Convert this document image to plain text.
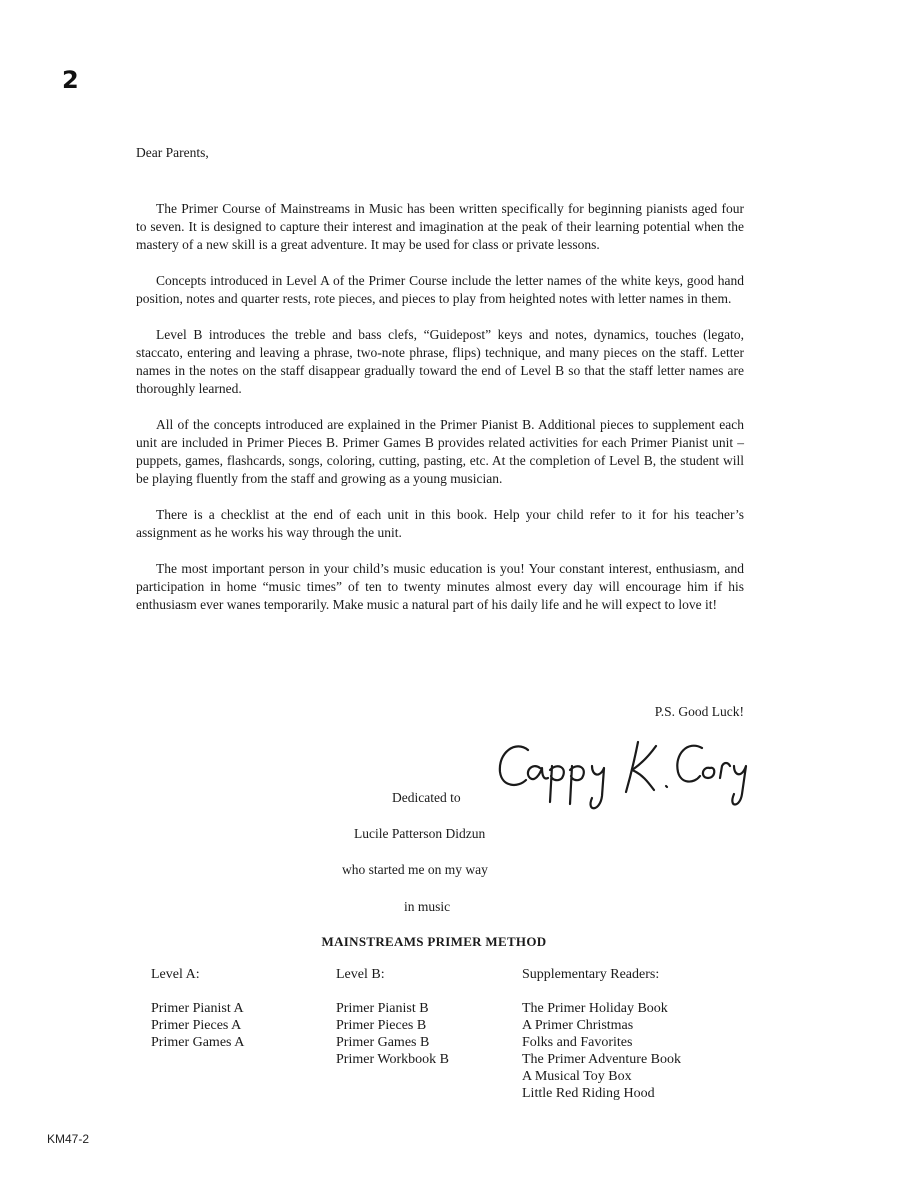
2

Dear Parents,

The Primer Course of Mainstreams in Music has been written specifically for beginning pianists aged four to seven. It is designed to capture their interest and imagination at the peak of their learning potential when the mastery of a new skill is a great adventure. It may be used for class or private lessons.

Concepts introduced in Level A of the Primer Course include the letter names of the white keys, good hand position, notes and quarter rests, rote pieces, and pieces to play from heighted notes with letter names in them.

Level B introduces the treble and bass clefs, “Guidepost” keys and notes, dynamics, touches (legato, staccato, entering and leaving a phrase, two-note phrase, flips) technique, and many pieces on the staff. Letter names in the notes on the staff disappear gradually toward the end of Level B so that the staff letter names are thoroughly learned.

All of the concepts introduced are explained in the Primer Pianist B. Additional pieces to supplement each unit are included in Primer Pieces B. Primer Games B provides related activities for each Primer Pianist unit – puppets, games, flashcards, songs, coloring, cutting, pasting, etc. At the completion of Level B, the student will be playing fluently from the staff and growing as a young musician.

There is a checklist at the end of each unit in this book. Help your child refer to it for his teacher’s assignment as he works his way through the unit.

The most important person in your child’s music education is you! Your constant interest, enthusiasm, and participation in home “music times” of ten to twenty minutes almost every day will encourage him if his enthusiasm ever wanes temporarily. Make music a natural part of his daily life and he will expect to love it!

P.S. Good Luck!
Dedicated to
Lucile Patterson Didzun
who started me on my way
in music
MAINSTREAMS PRIMER METHOD

Level A:

Primer Pianist A
Primer Pieces A
Primer Games A

Level B:

Primer Pianist B
Primer Pieces B
Primer Games B
Primer Workbook B

Supplementary Readers:

The Primer Holiday Book
A Primer Christmas
Folks and Favorites
The Primer Adventure Book
A Musical Toy Box
Little Red Riding Hood
KM47-2
